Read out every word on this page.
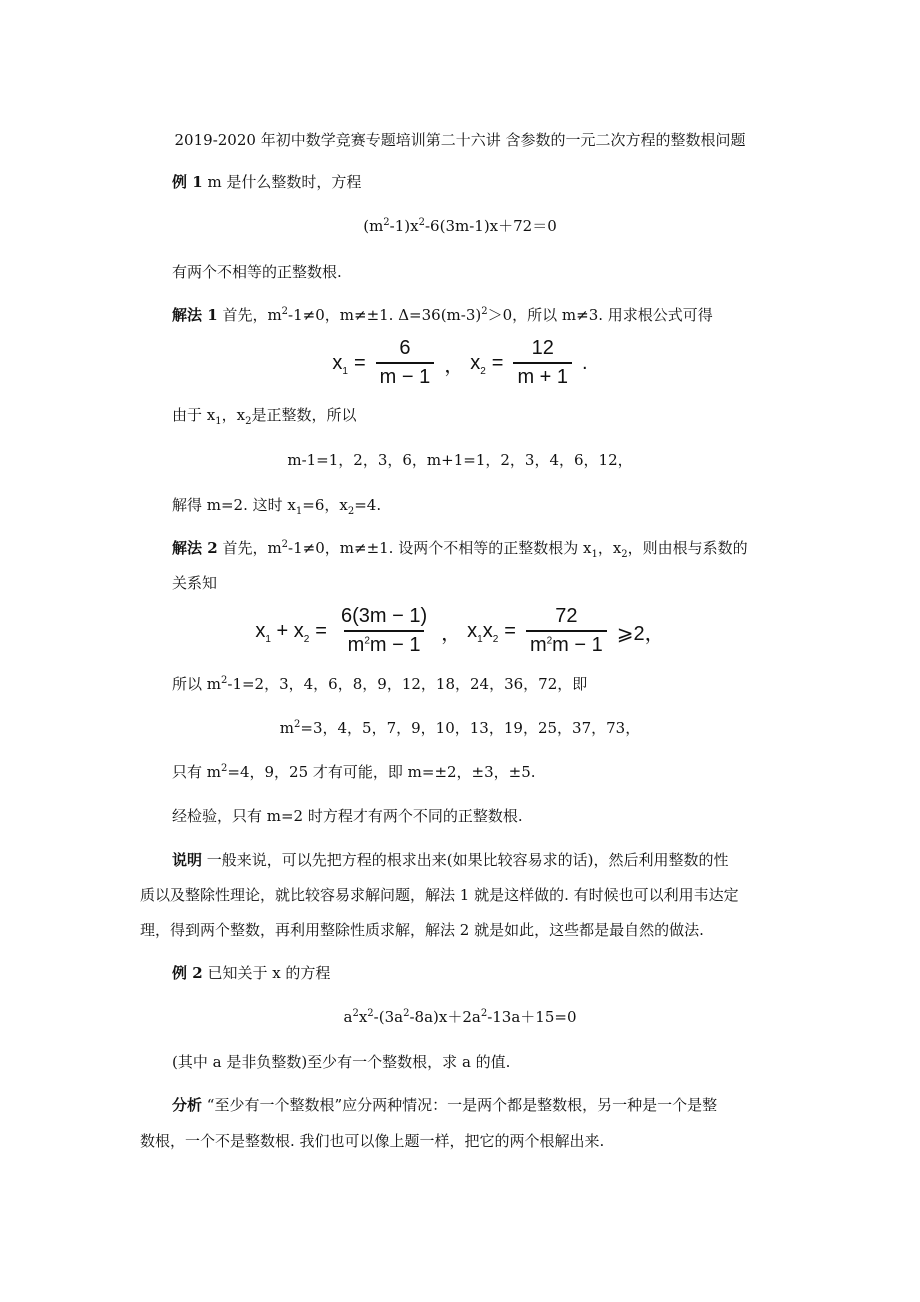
2019-2020 年初中数学竞赛专题培训第二十六讲 含参数的一元二次方程的整数根问题
例 1 m 是什么整数时，方程
$(m^2-1)x^2-6(3m-1)x+72=0$
有两个不相等的正整数根.
解法 1 首先，$m^2-1\ne 0$，m≠±1. $\Delta=36(m-3)^2>0$，所以 m≠3. 用求根公式可得
$x_1 = \frac{6}{m - 1}$ ， $x_2 = \frac{12}{m + 1}$ .
由于 $x_1$，$x_2$是正整数，所以
m-1=1，2，3，6，m+1=1，2，3，4，6，12，
解得 m=2. 这时 $x_1=6$，$x_2=4$.
解法 2 首先，$m^2-1\ne 0$，m≠±1. 设两个不相等的正整数根为 $x_1$，$x_2$，则由根与系数的
关系知
$x_1 + x_2 = \frac{6(3m - 1)}{m^2m - 1}$ ， $x_1x_2 = \frac{72}{m^2m - 1}$ ⩾2，
所以 $m^2-1=2$，3，4，6，8，9，12，18，24，36，72，即
$m^2=3$，4，5，7，9，10，13，19，25，37，73，
只有 $m^2=4$，9，25 才有可能，即 m=±2，±3，±5.
经检验，只有 m=2 时方程才有两个不同的正整数根.
说明 一般来说，可以先把方程的根求出来(如果比较容易求的话)，然后利用整数的性
质以及整除性理论，就比较容易求解问题，解法 1 就是这样做的. 有时候也可以利用韦达定
理，得到两个整数，再利用整除性质求解，解法 2 就是如此，这些都是最自然的做法.
例 2 已知关于 x 的方程
$a^2x^2-(3a^2-8a)x+2a^2-13a+15=0$
(其中 a 是非负整数)至少有一个整数根，求 a 的值.
分析 “至少有一个整数根”应分两种情况：一是两个都是整数根，另一种是一个是整
数根，一个不是整数根. 我们也可以像上题一样，把它的两个根解出来.
